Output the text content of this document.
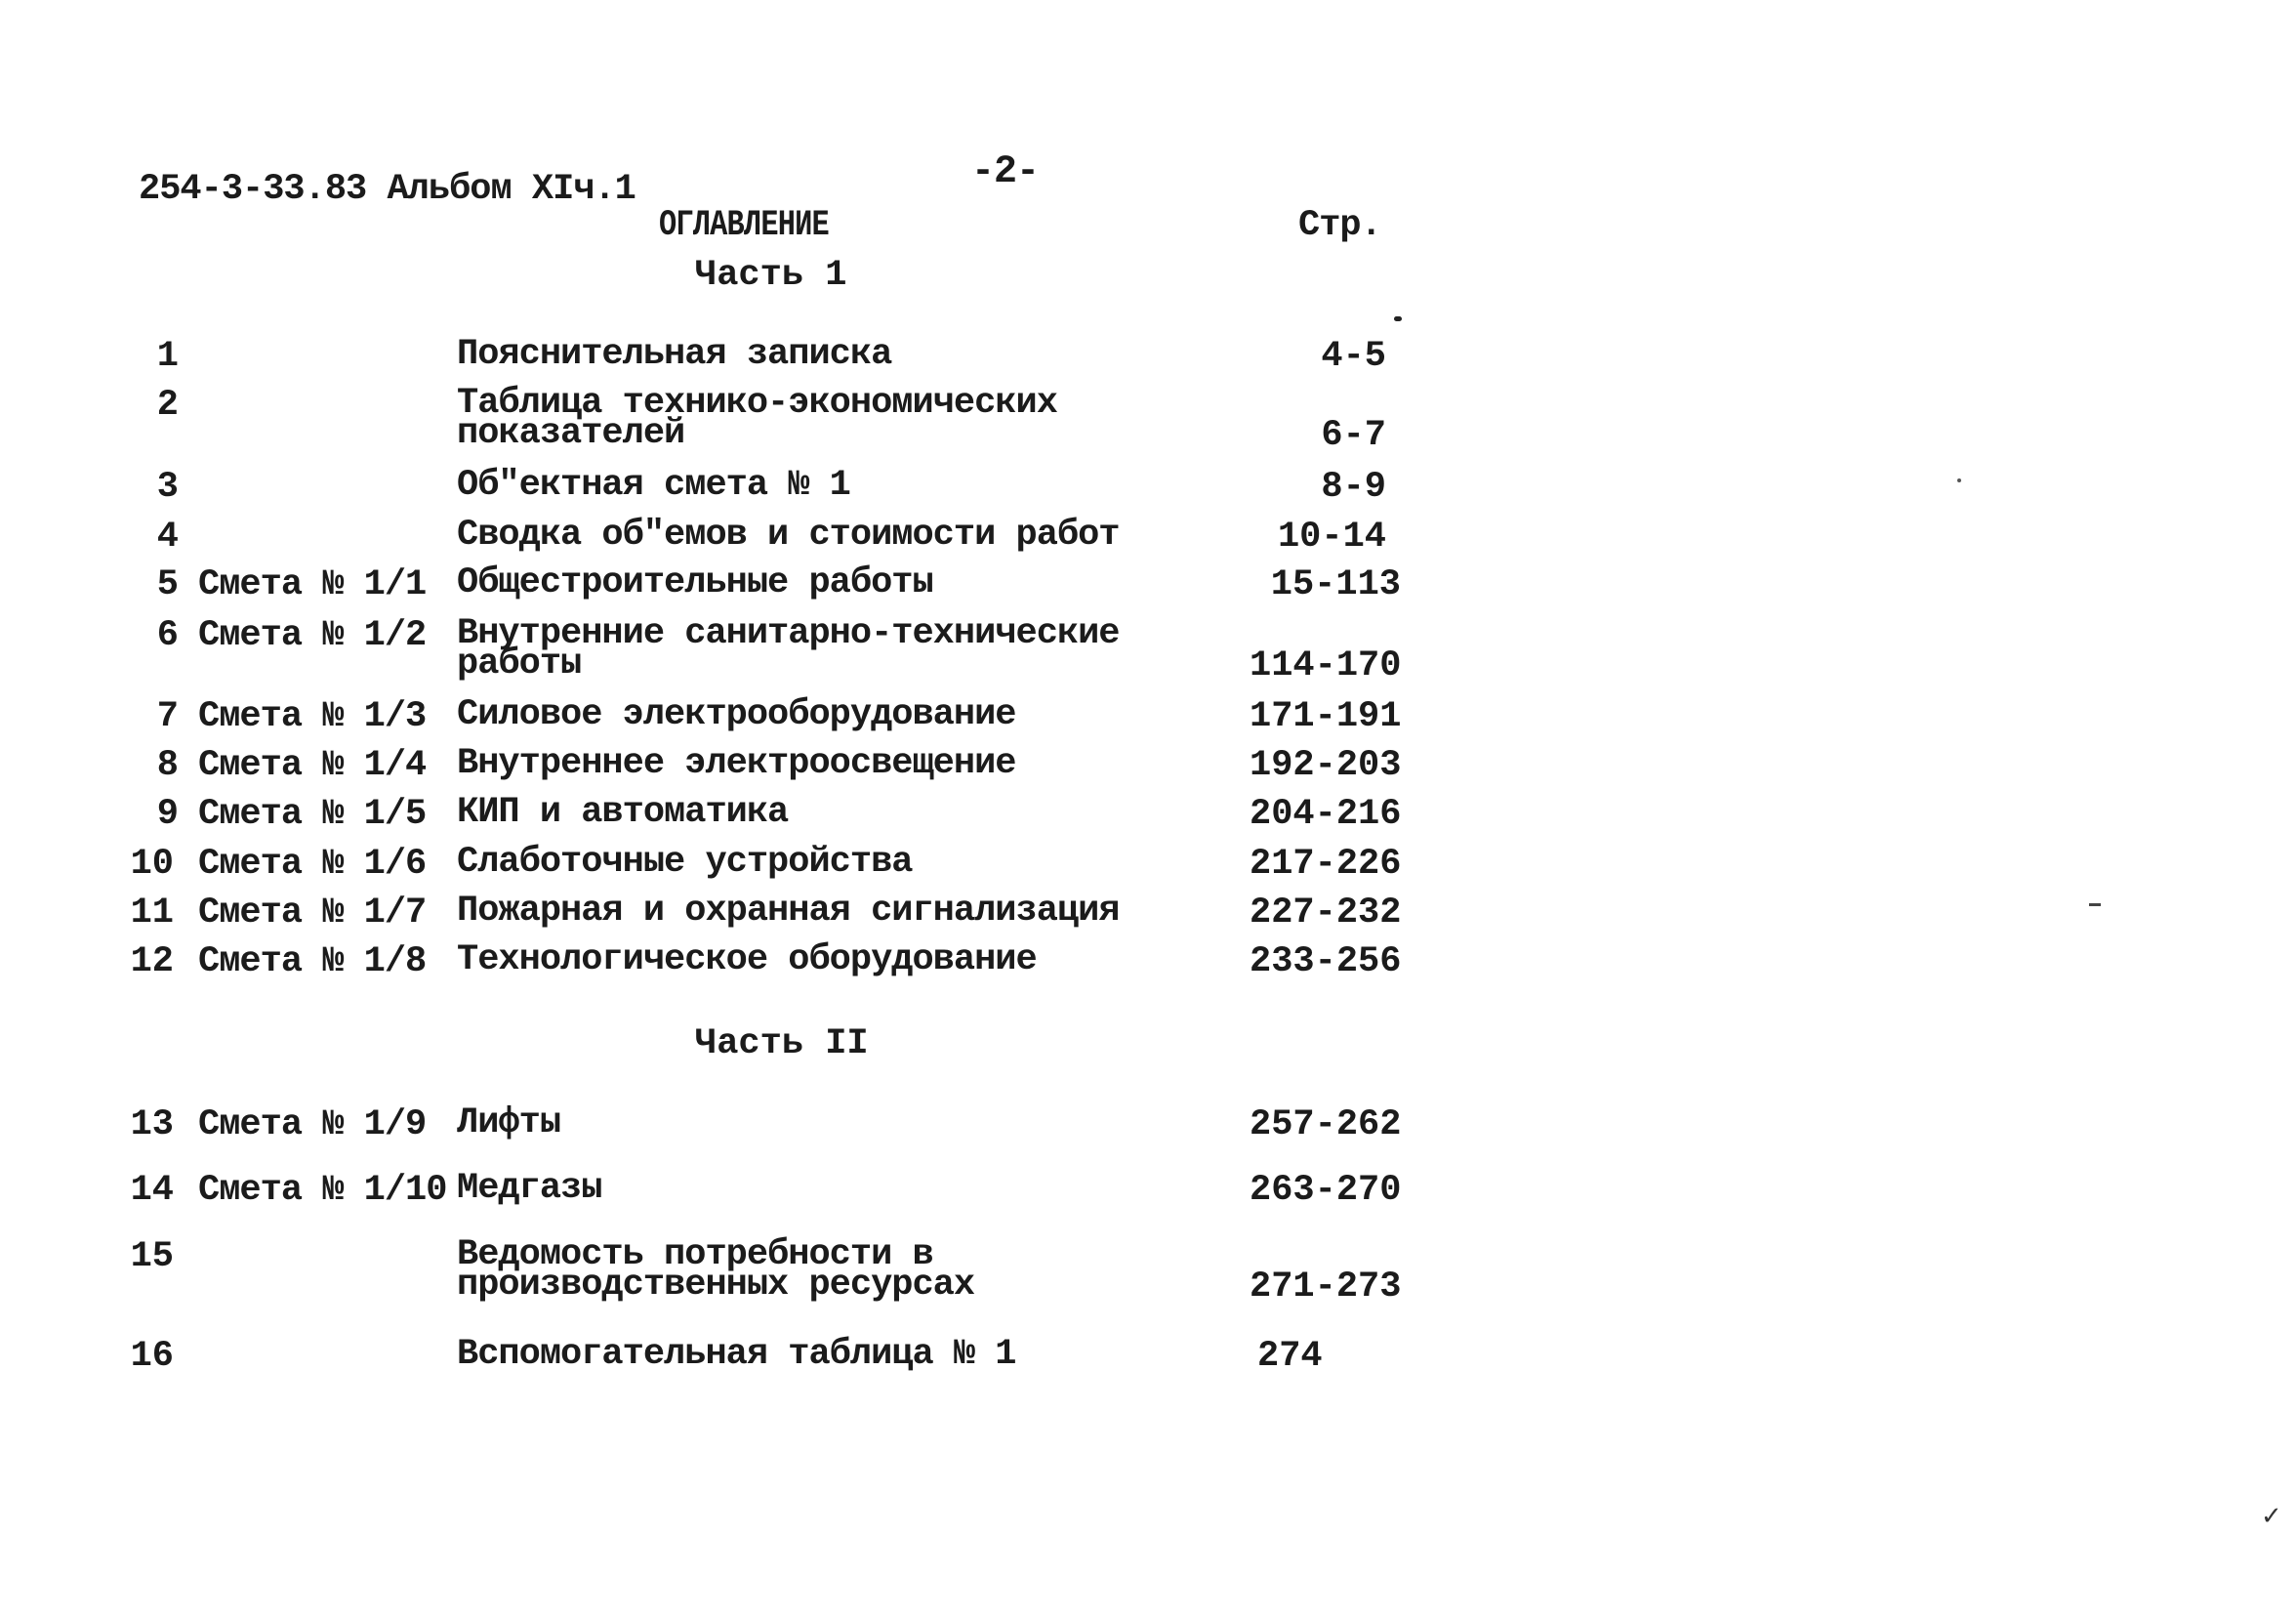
254-3-33.83 Альбом XIч.1	-2-
ОГЛАВЛЕНИЕ	Стр.
Часть 1
Часть II
1	Пояснительная записка	4-5
2	Таблица технико-экономических
показателей	6-7
3	Об"ектная смета № 1	8-9
4	Сводка об"емов и стоимости работ	10-14
5 Смета № 1/1 Общестроительные работы	15-113
6 Смета № 1/2 Внутренние санитарно-технические
работы	114-170
7 Смета № 1/3 Силовое электрооборудование	171-191
8 Смета № 1/4 Внутреннее электроосвещение	192-203
9 Смета № 1/5 КИП и автоматика	204-216
10 Смета № 1/6 Слаботочные устройства	217-226
11 Смета № 1/7 Пожарная и охранная сигнализация	227-232
12 Смета № 1/8 Технологическое оборудование	233-256
13 Смета № 1/9 Лифты	257-262
14 Смета № 1/10 Медгазы	263-270
15	Ведомость потребности в
производственных ресурсах	271-273
16	Вспомогательная таблица № 1	274
✓
